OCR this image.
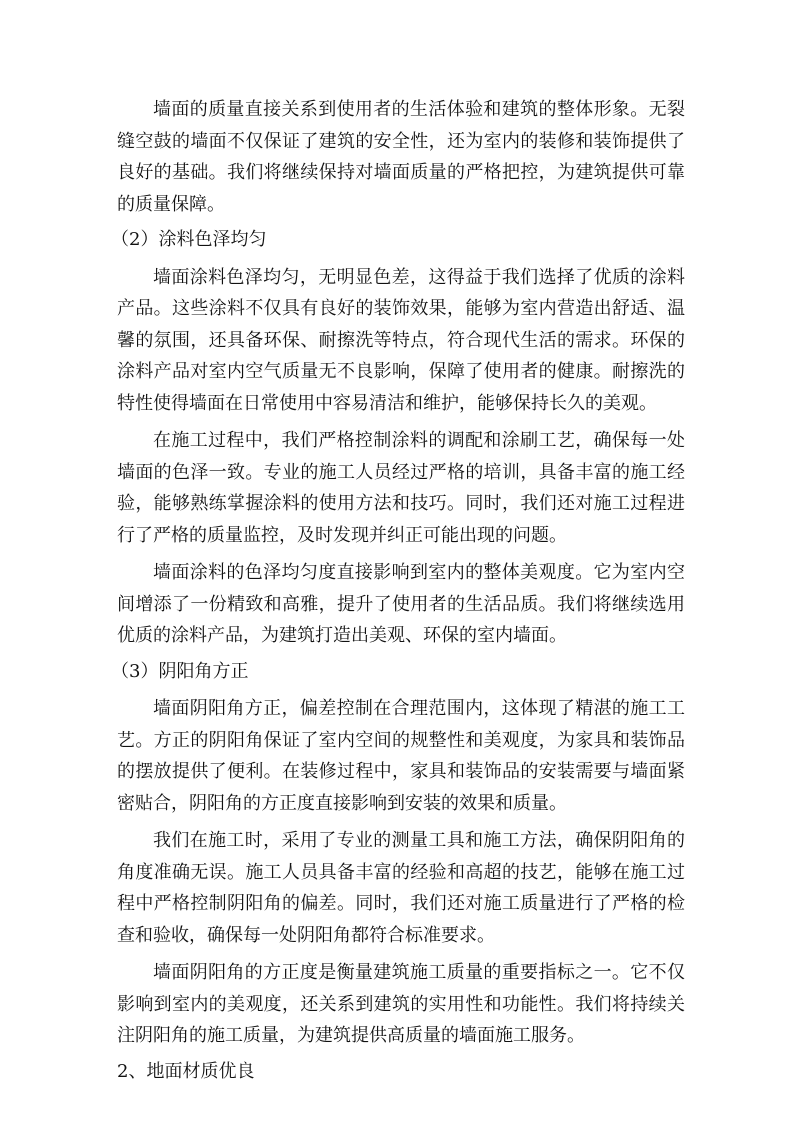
墙面的质量直接关系到使用者的生活体验和建筑的整体形象。无裂缝空鼓的墙面不仅保证了建筑的安全性，还为室内的装修和装饰提供了良好的基础。我们将继续保持对墙面质量的严格把控，为建筑提供可靠的质量保障。

（2）涂料色泽均匀

墙面涂料色泽均匀，无明显色差，这得益于我们选择了优质的涂料产品。这些涂料不仅具有良好的装饰效果，能够为室内营造出舒适、温馨的氛围，还具备环保、耐擦洗等特点，符合现代生活的需求。环保的涂料产品对室内空气质量无不良影响，保障了使用者的健康。耐擦洗的特性使得墙面在日常使用中容易清洁和维护，能够保持长久的美观。

在施工过程中，我们严格控制涂料的调配和涂刷工艺，确保每一处墙面的色泽一致。专业的施工人员经过严格的培训，具备丰富的施工经验，能够熟练掌握涂料的使用方法和技巧。同时，我们还对施工过程进行了严格的质量监控，及时发现并纠正可能出现的问题。

墙面涂料的色泽均匀度直接影响到室内的整体美观度。它为室内空间增添了一份精致和高雅，提升了使用者的生活品质。我们将继续选用优质的涂料产品，为建筑打造出美观、环保的室内墙面。

（3）阴阳角方正

墙面阴阳角方正，偏差控制在合理范围内，这体现了精湛的施工工艺。方正的阴阳角保证了室内空间的规整性和美观度，为家具和装饰品的摆放提供了便利。在装修过程中，家具和装饰品的安装需要与墙面紧密贴合，阴阳角的方正度直接影响到安装的效果和质量。

我们在施工时，采用了专业的测量工具和施工方法，确保阴阳角的角度准确无误。施工人员具备丰富的经验和高超的技艺，能够在施工过程中严格控制阴阳角的偏差。同时，我们还对施工质量进行了严格的检查和验收，确保每一处阴阳角都符合标准要求。

墙面阴阳角的方正度是衡量建筑施工质量的重要指标之一。它不仅影响到室内的美观度，还关系到建筑的实用性和功能性。我们将持续关注阴阳角的施工质量，为建筑提供高质量的墙面施工服务。

2、地面材质优良
